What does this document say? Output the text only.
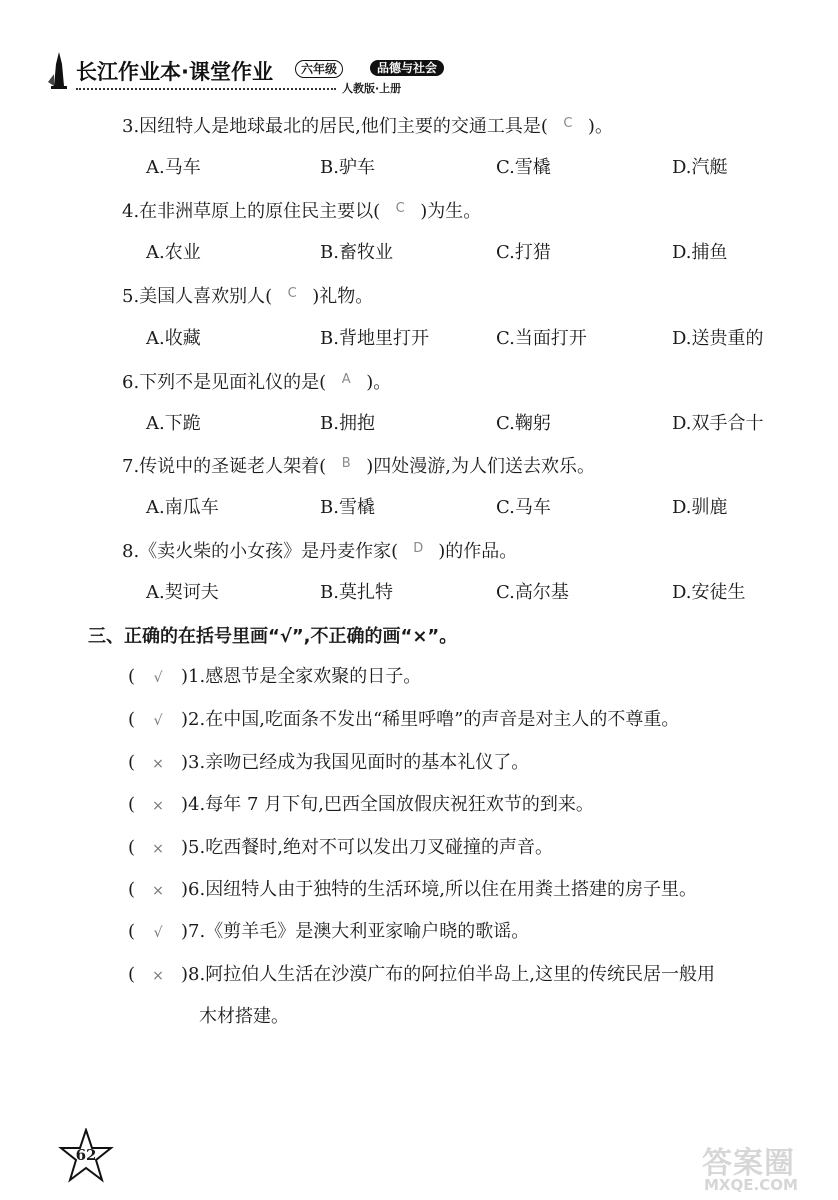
长江作业本·课堂作业	六年级	品德与社会
人教版·上册
3.因纽特人是地球最北的居民,他们主要的交通工具是( C )。
A.马车	B.驴车	C.雪橇	D.汽艇
4.在非洲草原上的原住民主要以( C )为生。
A.农业	B.畜牧业	C.打猎	D.捕鱼
5.美国人喜欢别人( C )礼物。
A.收藏	B.背地里打开	C.当面打开	D.送贵重的
6.下列不是见面礼仪的是( A )。
A.下跪	B.拥抱	C.鞠躬	D.双手合十
7.传说中的圣诞老人架着( B )四处漫游,为人们送去欢乐。
A.南瓜车	B.雪橇	C.马车	D.驯鹿
8.《卖火柴的小女孩》是丹麦作家( D )的作品。
A.契诃夫	B.莫扎特	C.高尔基	D.安徒生
三、正确的在括号里画“√”,不正确的画“×”。
( √ )1.感恩节是全家欢聚的日子。
( √ )2.在中国,吃面条不发出“稀里呼噜”的声音是对主人的不尊重。
( × )3.亲吻已经成为我国见面时的基本礼仪了。
( × )4.每年 7 月下旬,巴西全国放假庆祝狂欢节的到来。
( × )5.吃西餐时,绝对不可以发出刀叉碰撞的声音。
( × )6.因纽特人由于独特的生活环境,所以住在用粪土搭建的房子里。
( √ )7.《剪羊毛》是澳大利亚家喻户晓的歌谣。
( × )8.阿拉伯人生活在沙漠广布的阿拉伯半岛上,这里的传统民居一般用
木材搭建。
62	答案圈
MXQE.COM
